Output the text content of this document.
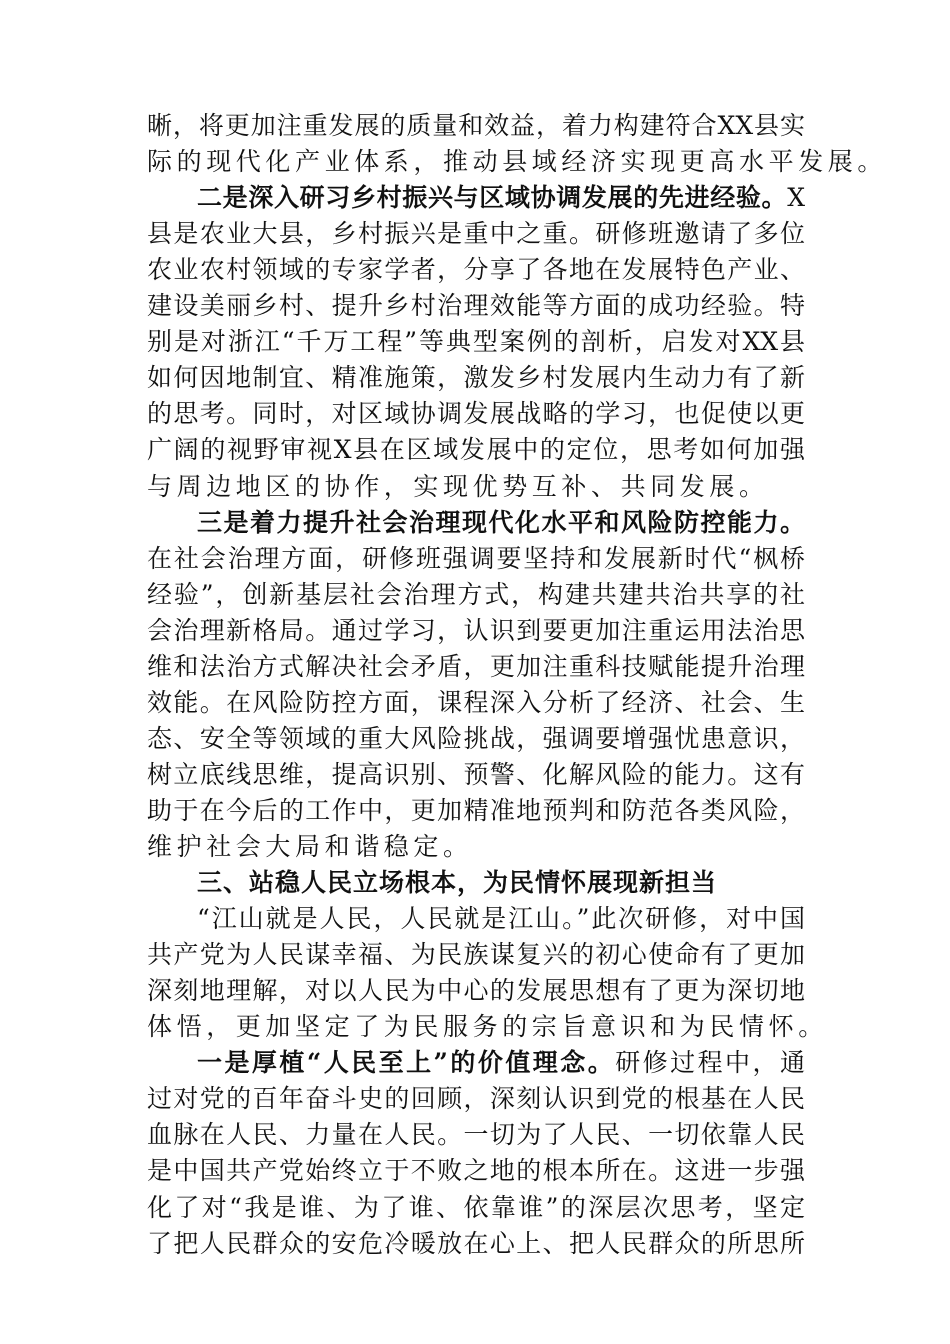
晰，将更加注重发展的质量和效益，着力构建符合XX县实
际的现代化产业体系，推动县域经济实现更高水平发展。
二是深入研习乡村振兴与区域协调发展的先进经验。X
县是农业大县，乡村振兴是重中之重。研修班邀请了多位
农业农村领域的专家学者，分享了各地在发展特色产业、
建设美丽乡村、提升乡村治理效能等方面的成功经验。特
别是对浙江“千万工程”等典型案例的剖析，启发对XX县
如何因地制宜、精准施策，激发乡村发展内生动力有了新
的思考。同时，对区域协调发展战略的学习，也促使以更
广阔的视野审视X县在区域发展中的定位，思考如何加强
与周边地区的协作，实现优势互补、共同发展。
三是着力提升社会治理现代化水平和风险防控能力。
在社会治理方面，研修班强调要坚持和发展新时代“枫桥
经验”，创新基层社会治理方式，构建共建共治共享的社
会治理新格局。通过学习，认识到要更加注重运用法治思
维和法治方式解决社会矛盾，更加注重科技赋能提升治理
效能。在风险防控方面，课程深入分析了经济、社会、生
态、安全等领域的重大风险挑战，强调要增强忧患意识，
树立底线思维，提高识别、预警、化解风险的能力。这有
助于在今后的工作中，更加精准地预判和防范各类风险，
维护社会大局和谐稳定。
三、站稳人民立场根本，为民情怀展现新担当
“江山就是人民，人民就是江山。”此次研修，对中国
共产党为人民谋幸福、为民族谋复兴的初心使命有了更加
深刻地理解，对以人民为中心的发展思想有了更为深切地
体悟，更加坚定了为民服务的宗旨意识和为民情怀。
一是厚植“人民至上”的价值理念。研修过程中，通
过对党的百年奋斗史的回顾，深刻认识到党的根基在人民
血脉在人民、力量在人民。一切为了人民、一切依靠人民
是中国共产党始终立于不败之地的根本所在。这进一步强
化了对“我是谁、为了谁、依靠谁”的深层次思考，坚定
了把人民群众的安危冷暖放在心上、把人民群众的所思所
